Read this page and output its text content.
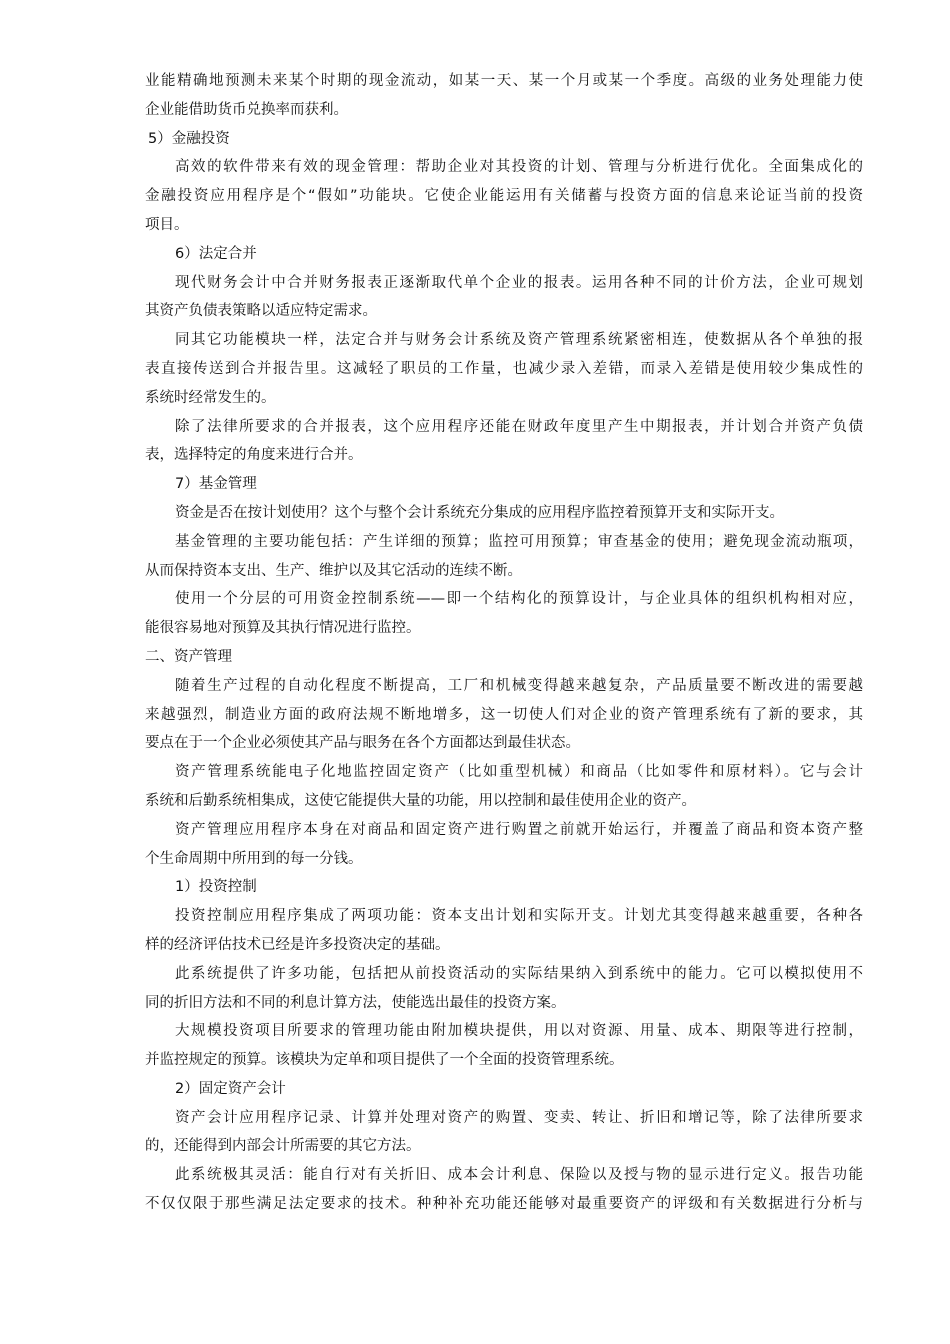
业能精确地预测未来某个时期的现金流动，如某一天、某一个月或某一个季度。高级的业务处理能力使
企业能借助货币兑换率而获利。
5）金融投资
高效的软件带来有效的现金管理：帮助企业对其投资的计划、管理与分析进行优化。全面集成化的
金融投资应用程序是个“假如”功能块。它使企业能运用有关储蓄与投资方面的信息来论证当前的投资
项目。
6）法定合并
现代财务会计中合并财务报表正逐渐取代单个企业的报表。运用各种不同的计价方法，企业可规划
其资产负债表策略以适应特定需求。
同其它功能模块一样，法定合并与财务会计系统及资产管理系统紧密相连，使数据从各个单独的报
表直接传送到合并报告里。这减轻了职员的工作量，也减少录入差错，而录入差错是使用较少集成性的
系统时经常发生的。
除了法律所要求的合并报表，这个应用程序还能在财政年度里产生中期报表，并计划合并资产负债
表，选择特定的角度来进行合并。
7）基金管理
资金是否在按计划使用？这个与整个会计系统充分集成的应用程序监控着预算开支和实际开支。
基金管理的主要功能包括：产生详细的预算；监控可用预算；审查基金的使用；避免现金流动瓶项，
从而保持资本支出、生产、维护以及其它活动的连续不断。
使用一个分层的可用资金控制系统——即一个结构化的预算设计，与企业具体的组织机构相对应，
能很容易地对预算及其执行情况进行监控。
二、资产管理
随着生产过程的自动化程度不断提高，工厂和机械变得越来越复杂，产品质量要不断改进的需要越
来越强烈，制造业方面的政府法规不断地增多，这一切使人们对企业的资产管理系统有了新的要求，其
要点在于一个企业必须使其产品与眼务在各个方面都达到最佳状态。
资产管理系统能电子化地监控固定资产（比如重型机械）和商品（比如零件和原材料）。它与会计
系统和后勤系统相集成，这使它能提供大量的功能，用以控制和最佳使用企业的资产。
资产管理应用程序本身在对商品和固定资产进行购置之前就开始运行，并覆盖了商品和资本资产整
个生命周期中所用到的每一分钱。
1）投资控制
投资控制应用程序集成了两项功能：资本支出计划和实际开支。计划尤其变得越来越重要，各种各
样的经济评估技术已经是许多投资决定的基础。
此系统提供了许多功能，包括把从前投资活动的实际结果纳入到系统中的能力。它可以模拟使用不
同的折旧方法和不同的利息计算方法，使能选出最佳的投资方案。
大规模投资项目所要求的管理功能由附加模块提供，用以对资源、用量、成本、期限等进行控制，
并监控规定的预算。该模块为定单和项目提供了一个全面的投资管理系统。
2）固定资产会计
资产会计应用程序记录、计算并处理对资产的购置、变卖、转让、折旧和增记等，除了法律所要求
的，还能得到内部会计所需要的其它方法。
此系统极其灵活：能自行对有关折旧、成本会计利息、保险以及授与物的显示进行定义。报告功能
不仅仅限于那些满足法定要求的技术。种种补充功能还能够对最重要资产的评级和有关数据进行分析与
